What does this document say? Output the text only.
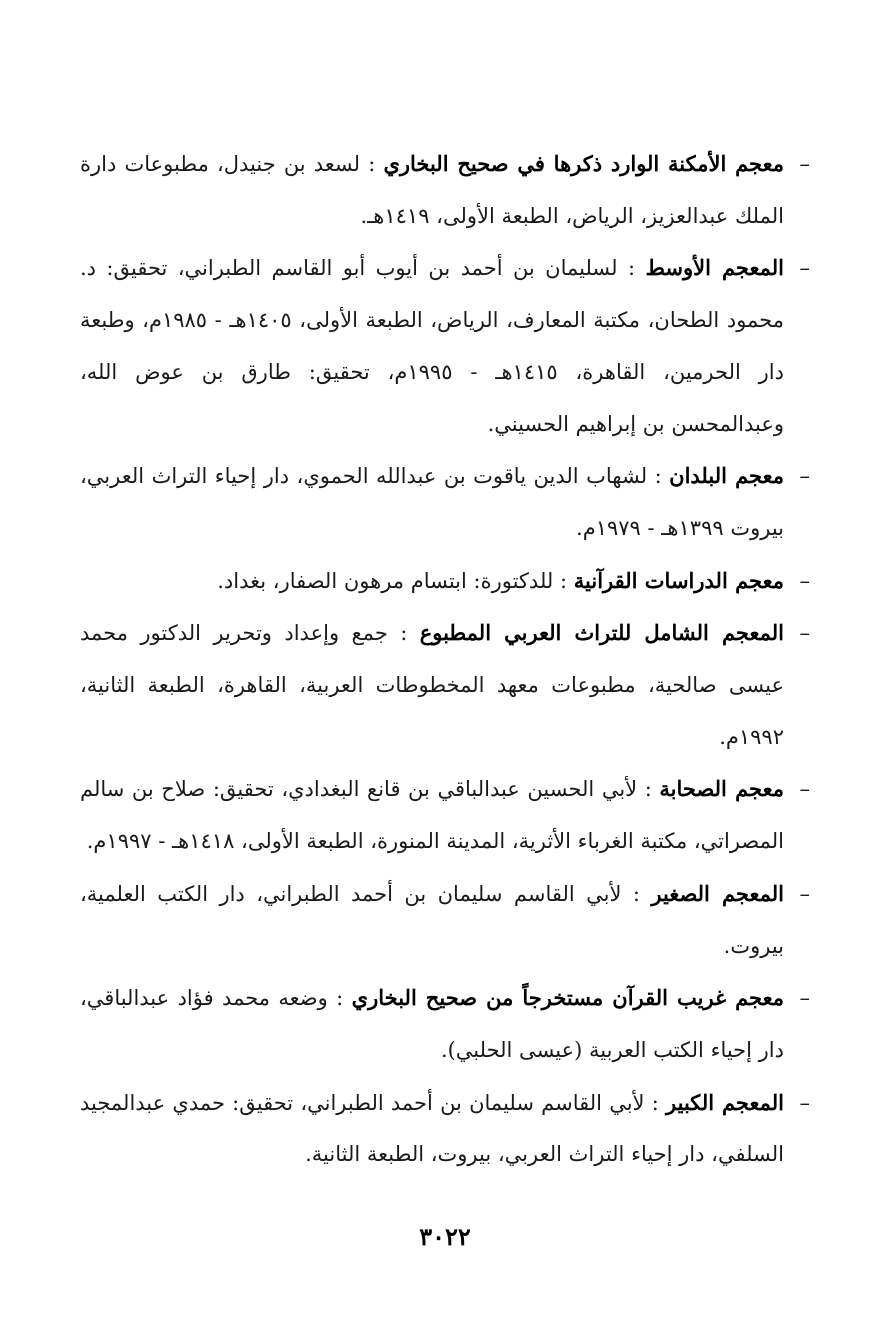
–معجم الأمكنة الوارد ذكرها في صحيح البخاري : لسعد بن جنيدل، مطبوعات دارة الملك عبدالعزيز، الرياض، الطبعة الأولى، ١٤١٩هـ.

–المعجم الأوسط : لسليمان بن أحمد بن أيوب أبو القاسم الطبراني، تحقيق: د. محمود الطحان، مكتبة المعارف، الرياض، الطبعة الأولى، ١٤٠٥هـ - ١٩٨٥م، وطبعة دار الحرمين، القاهرة، ١٤١٥هـ - ١٩٩٥م، تحقيق: طارق بن عوض الله، وعبدالمحسن بن إبراهيم الحسيني.

–معجم البلدان : لشهاب الدين ياقوت بن عبدالله الحموي، دار إحياء التراث العربي، بيروت ١٣٩٩هـ - ١٩٧٩م.

–معجم الدراسات القرآنية : للدكتورة: ابتسام مرهون الصفار، بغداد.

–المعجم الشامل للتراث العربي المطبوع : جمع وإعداد وتحرير الدكتور محمد عيسى صالحية، مطبوعات معهد المخطوطات العربية، القاهرة، الطبعة الثانية، ١٩٩٢م.

–معجم الصحابة : لأبي الحسين عبدالباقي بن قانع البغدادي، تحقيق: صلاح بن سالم المصراتي، مكتبة الغرباء الأثرية، المدينة المنورة، الطبعة الأولى، ١٤١٨هـ - ١٩٩٧م.

–المعجم الصغير : لأبي القاسم سليمان بن أحمد الطبراني، دار الكتب العلمية، بيروت.

–معجم غريب القرآن مستخرجاً من صحيح البخاري : وضعه محمد فؤاد عبدالباقي، دار إحياء الكتب العربية (عيسى الحلبي).

–المعجم الكبير : لأبي القاسم سليمان بن أحمد الطبراني، تحقيق: حمدي عبدالمجيد السلفي، دار إحياء التراث العربي، بيروت، الطبعة الثانية.

٣٠٢٢
